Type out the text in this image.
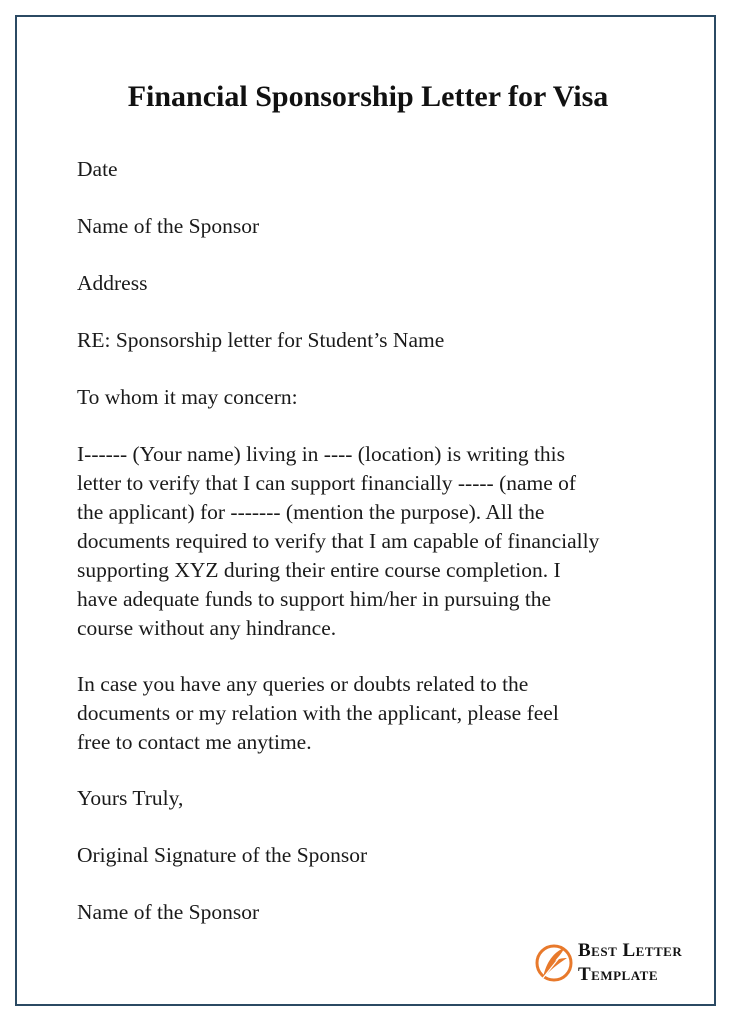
Financial Sponsorship Letter for Visa

Date

Name of the Sponsor

Address

RE: Sponsorship letter for Student’s Name

To whom it may concern:

I------ (Your name) living in ---- (location) is writing this

letter to verify that I can support financially ----- (name of

the applicant) for ------- (mention the purpose). All the

documents required to verify that I am capable of financially

supporting XYZ during their entire course completion. I

have adequate funds to support him/her in pursuing the

course without any hindrance.

In case you have any queries or doubts related to the

documents or my relation with the applicant, please feel

free to contact me anytime.

Yours Truly,

Original Signature of the Sponsor

Name of the Sponsor

Best Letter
Template
